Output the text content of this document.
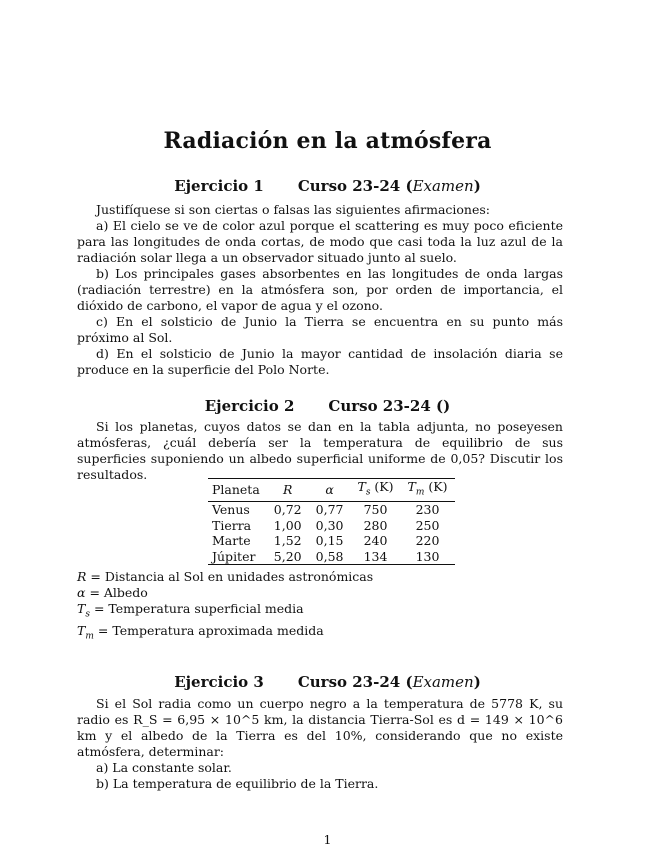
Radiación en la atmósfera
Ejercicio 1 Curso 23-24 (Examen)

Justifíquese si son ciertas o falsas las siguientes afirmaciones:

a) El cielo se ve de color azul porque el scattering es muy poco eficiente para las longitudes de onda cortas, de modo que casi toda la luz azul de la radiación solar llega a un observador situado junto al suelo.

b) Los principales gases absorbentes en las longitudes de onda largas (radiación terrestre) en la atmósfera son, por orden de importancia, el dióxido de carbono, el vapor de agua y el ozono.

c) En el solsticio de Junio la Tierra se encuentra en su punto más próximo al Sol.

d) En el solsticio de Junio la mayor cantidad de insolación diaria se produce en la superficie del Polo Norte.

Ejercicio 2 Curso 23-24 ()

Si los planetas, cuyos datos se dan en la tabla adjunta, no poseyesen atmósferas, ¿cuál debería ser la temperatura de equilibrio de sus superficies suponiendo un albedo superficial uniforme de 0,05? Discutir los resultados.

Planeta	R	α	$T_s$ (K)	$T_m$ (K)
Venus	0,72	0,77	750	230
Tierra	1,00	0,30	280	250
Marte	1,52	0,15	240	220
Júpiter	5,20	0,58	134	130
R = Distancia al Sol en unidades astronómicas
α = Albedo
$T_s$ = Temperatura superficial media
$T_m$ = Temperatura aproximada medida
Ejercicio 3 Curso 23-24 (Examen)

Si el Sol radia como un cuerpo negro a la temperatura de 5778 K, su radio es R_S = 6,95 × 10^5 km, la distancia Tierra-Sol es d = 149 × 10^6 km y el albedo de la Tierra es del 10%, considerando que no existe atmósfera, determinar:

a) La constante solar.

b) La temperatura de equilibrio de la Tierra.

1
